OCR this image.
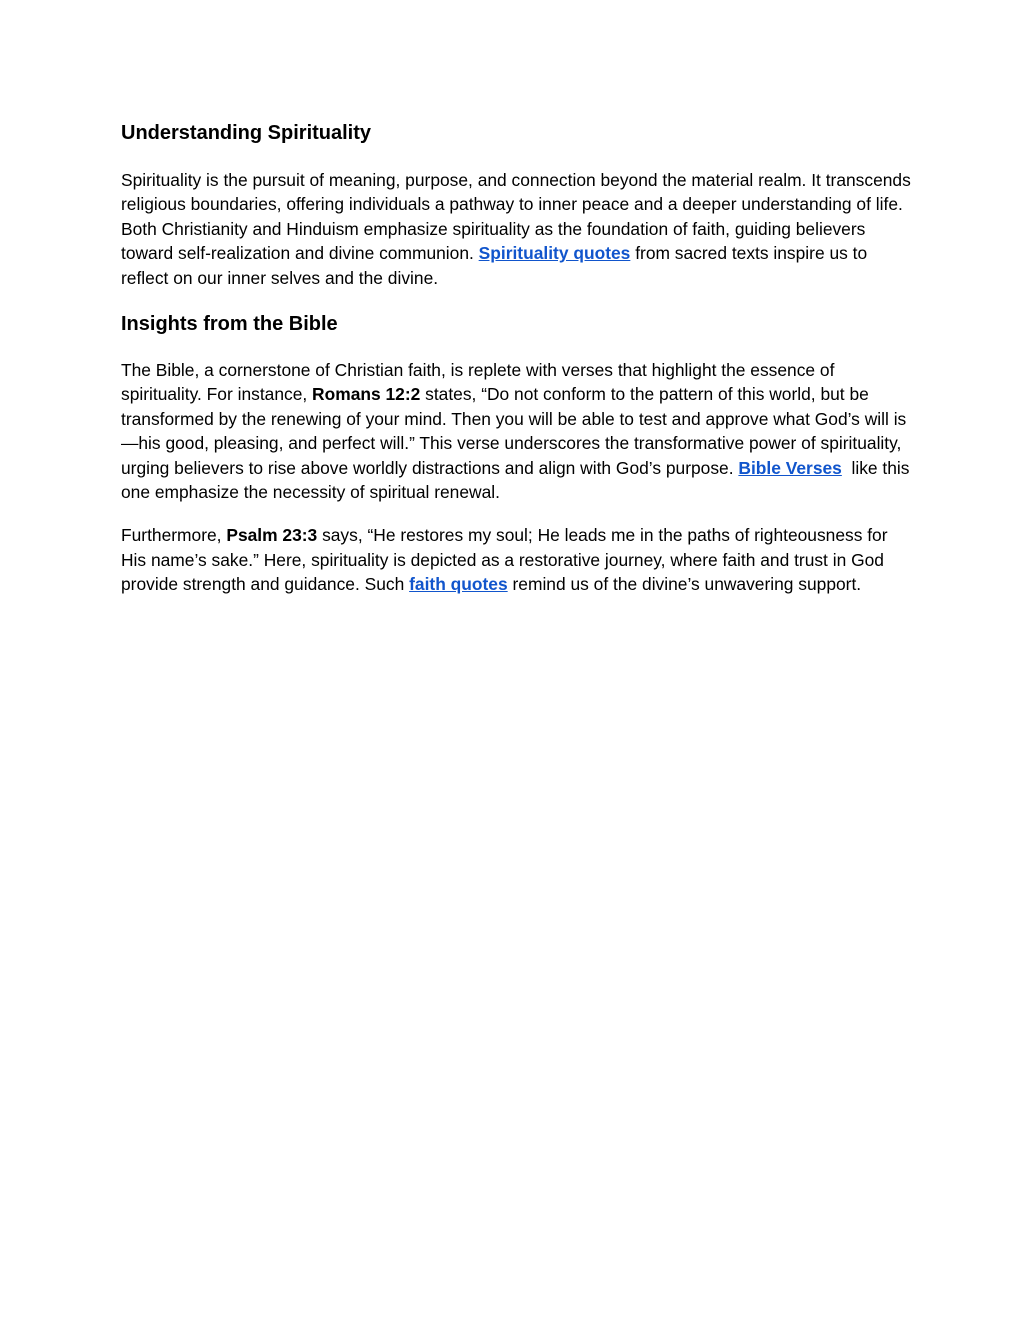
Understanding Spirituality

Spirituality is the pursuit of meaning, purpose, and connection beyond the material realm. It transcends religious boundaries, offering individuals a pathway to inner peace and a deeper understanding of life. Both Christianity and Hinduism emphasize spirituality as the foundation of faith, guiding believers toward self-realization and divine communion. Spirituality quotes from sacred texts inspire us to reflect on our inner selves and the divine.

Insights from the Bible

The Bible, a cornerstone of Christian faith, is replete with verses that highlight the essence of spirituality. For instance, Romans 12:2 states, “Do not conform to the pattern of this world, but be transformed by the renewing of your mind. Then you will be able to test and approve what God’s will is—his good, pleasing, and perfect will.” This verse underscores the transformative power of spirituality, urging believers to rise above worldly distractions and align with God’s purpose. Bible Verses  like this one emphasize the necessity of spiritual renewal.

Furthermore, Psalm 23:3 says, “He restores my soul; He leads me in the paths of righteousness for His name’s sake.” Here, spirituality is depicted as a restorative journey, where faith and trust in God provide strength and guidance. Such faith quotes remind us of the divine’s unwavering support.
